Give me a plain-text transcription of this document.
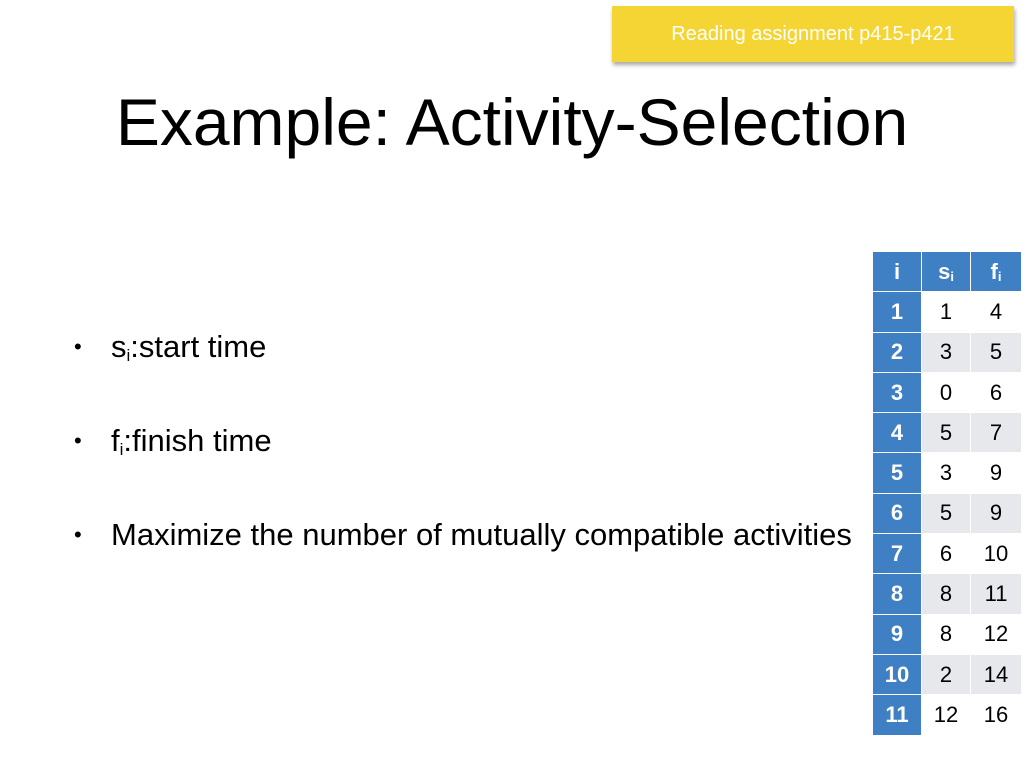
Reading assignment p415-p421
Example: Activity-Selection
• $s_i:start$ time
• $f_i:finish$ time
• Maximize the number of mutually compatible activities
i	$s_i$	$f_i$
1	1	4
2	3	5
3	0	6
4	5	7
5	3	9
6	5	9
7	6	10
8	8	11
9	8	12
10	2	14
11	12	16
